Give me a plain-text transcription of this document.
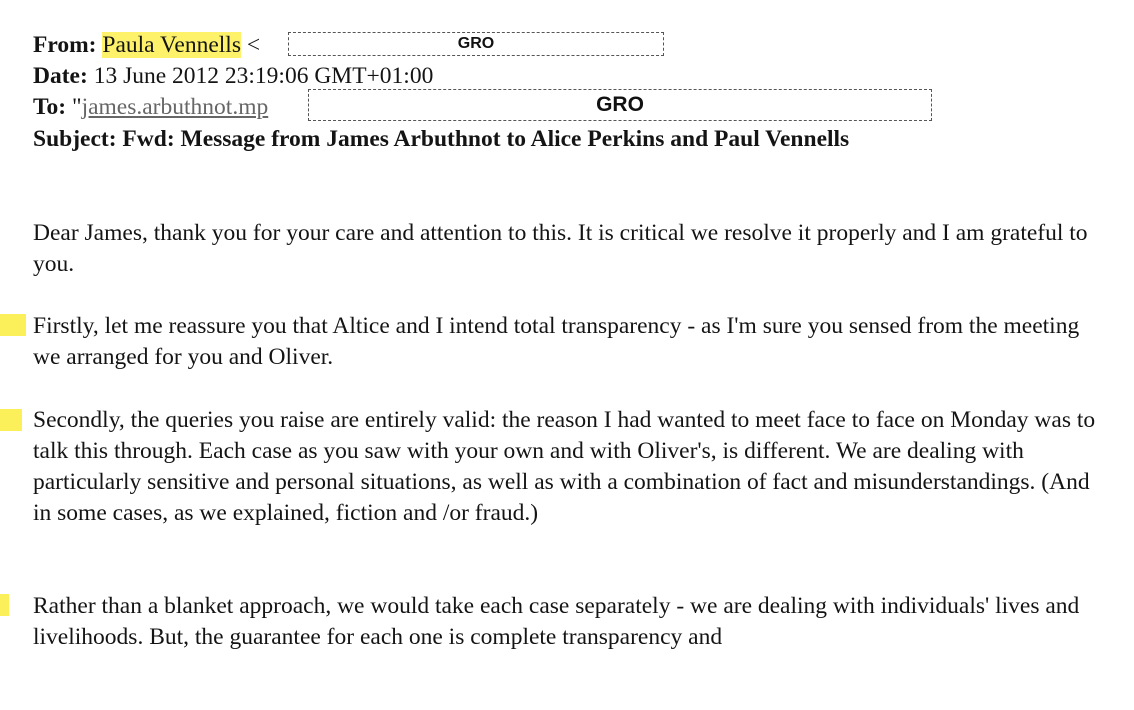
From: Paula Vennells <	GRO
Date: 13 June 2012 23:19:06 GMT+01:00
To: "james.arbuthnot.mp	GRO
Subject: Fwd: Message from James Arbuthnot to Alice Perkins and Paul Vennells

Dear James, thank you for your care and attention to this. It is critical we resolve it properly and I am grateful to you.

Firstly, let me reassure you that Altice and I intend total transparency - as I'm sure you sensed from the meeting we arranged for you and Oliver.

Secondly, the queries you raise are entirely valid: the reason I had wanted to meet face to face on Monday was to talk this through. Each case as you saw with your own and with Oliver's, is different. We are dealing with particularly sensitive and personal situations, as well as with a combination of fact and misunderstandings. (And in some cases, as we explained, fiction and /or fraud.)

Rather than a blanket approach, we would take each case separately - we are dealing with individuals' lives and livelihoods. But, the guarantee for each one is complete transparency and
